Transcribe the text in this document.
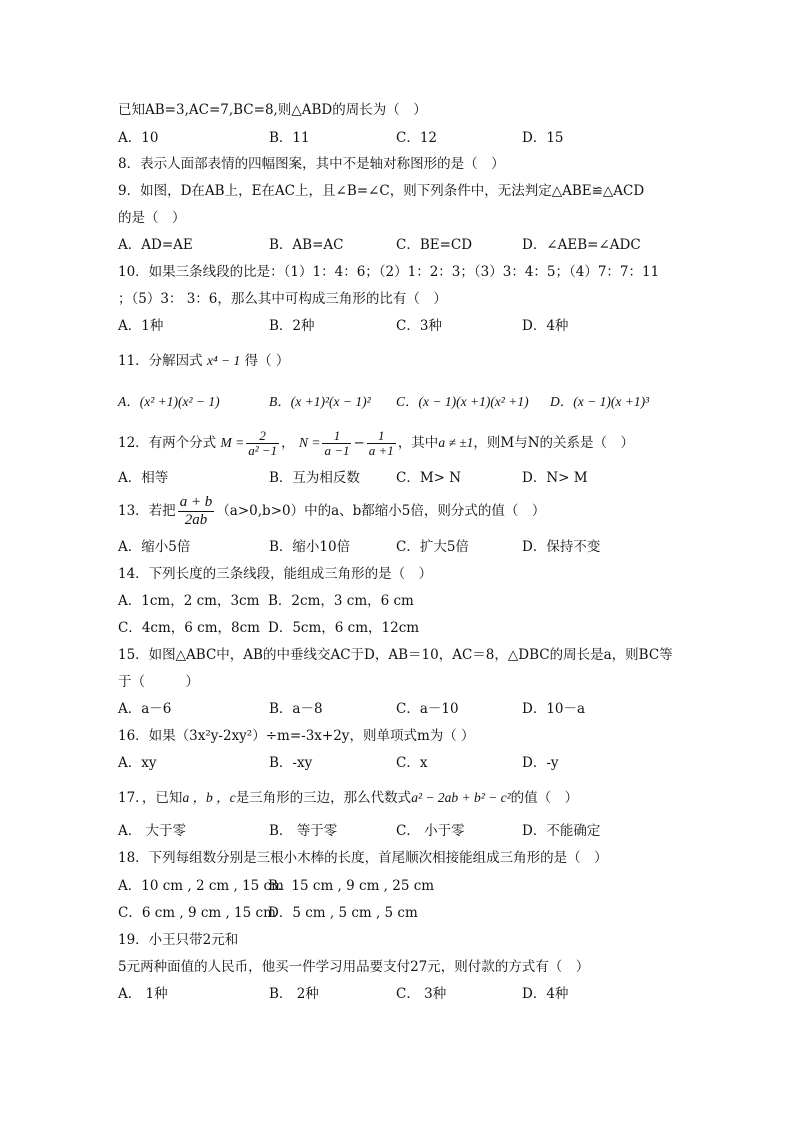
已知AB=3,AC=7,BC=8,则△ABD的周长为（　）
A．10	B．11	C．12	D．15
8．表示人面部表情的四幅图案，其中不是轴对称图形的是（　）
9．如图，D在AB上，E在AC上，且∠B=∠C，则下列条件中，无法判定△ABE≌△ACD
的是（　）
A．AD=AE	B．AB=AC	C．BE=CD	D．∠AEB=∠ADC
10．如果三条线段的比是：（1）1：4：6；（2）1：2：3；（3）3：4：5；（4）7：7：11
；（5）3： 3：6，那么其中可构成三角形的比有（　）
A．1种	B．2种	C．3种	D．4种
11．分解因式 x⁴ − 1 得（ ）
A．(x² +1)(x² − 1)	B．(x +1)²(x − 1)² C．(x − 1)(x +1)(x² +1) D．(x − 1)(x +1)³
12．有两个分式 $M = \frac{2}{\text{a² −1}}$ ， $N = \frac{1}{a -1} - \frac{1}{a +1}$ ，其中a ≠ ±1，则M与N的关系是（　）
A．相等	B．互为相反数	C．M> N	D．N> M
13．若把 $\frac{a + b}{2ab} (a>0,b>0)$中的a、b都缩小5倍，则分式的值（　）
A．缩小5倍	B．缩小10倍	C．扩大5倍	D．保持不变
14．下列长度的三条线段，能组成三角形的是（　）
A．1cm，2 cm，3cm B．2cm，3 cm，6 cm
C．4cm，6 cm，8cm D．5cm，6 cm，12cm
15．如图△ABC中，AB的中垂线交AC于D，AB＝10，AC＝8，△DBC的周长是a，则BC等
于（　　　）
A．a－6	B．a－8	C．a－10	D．10－a
16．如果（3x²y-2xy²）÷m=-3x+2y，则单项式m为（ ）
A．xy	B．-xy	C．x	D．-y
17．，已知a ，b ，c是三角形的三边，那么代数式a² − 2ab + b² − c²的值（　）
A． 大于零	B． 等于零	C． 小于零	D．不能确定
18．下列每组数分别是三根小木棒的长度，首尾顺次相接能组成三角形的是（　）
A．10 cm , 2 cm , 15 cm
B．15 cm , 9 cm , 25 cm
C．6 cm , 9 cm , 15 cm
D．5 cm , 5 cm , 5 cm
19．小王只带2元和
5元两种面值的人民币，他买一件学习用品要支付27元，则付款的方式有（　）
A． 1种	B． 2种	C． 3种	D．4种
